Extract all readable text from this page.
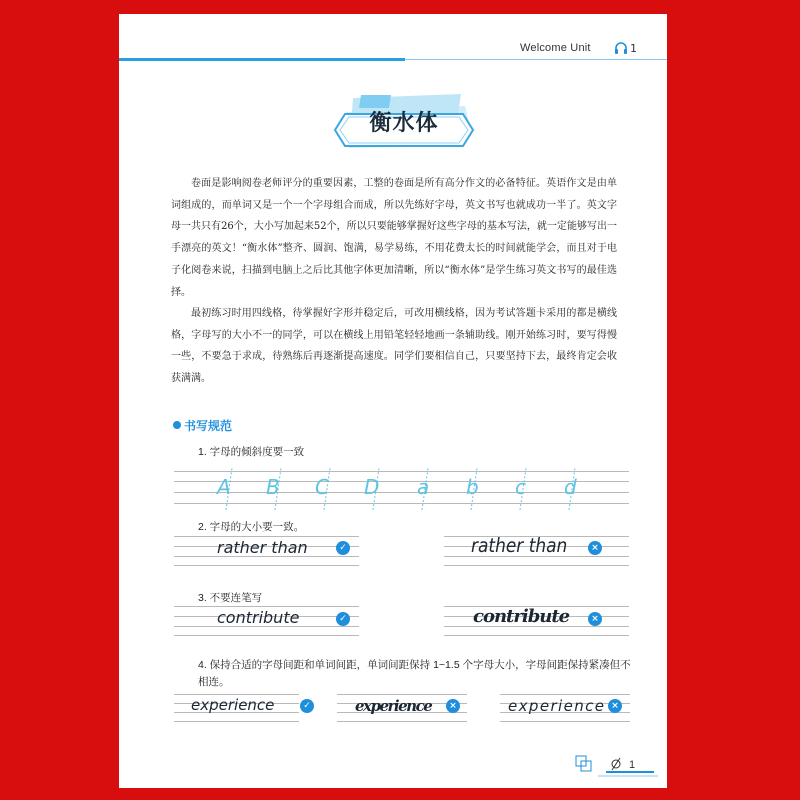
Welcome Unit	1
衡水体

卷面是影响阅卷老师评分的重要因素，工整的卷面是所有高分作文的必备特征。英语作文是由单词组成的，而单词又是一个一个字母组合而成，所以先练好字母，英文书写也就成功一半了。英文字母一共只有26个，大小写加起来52个，所以只要能够掌握好这些字母的基本写法，就一定能够写出一手漂亮的英文！“衡水体”整齐、圆润、饱满，易学易练，不用花费太长的时间就能学会，而且对于电子化阅卷来说，扫描到电脑上之后比其他字体更加清晰，所以“衡水体”是学生练习英文书写的最佳选择。

最初练习时用四线格，待掌握好字形并稳定后，可改用横线格，因为考试答题卡采用的都是横线格，字母写的大小不一的同学，可以在横线上用铅笔轻轻地画一条辅助线。刚开始练习时，要写得慢一些，不要急于求成，待熟练后再逐渐提高速度。同学们要相信自己，只要坚持下去，最终肯定会收获满满。

书写规范
1. 字母的倾斜度要一致
A B C D a b c d
2. 字母的大小要一致。
rather than	✓	rather than	×
3. 不要连笔写
contribute	✓	contribute	×
4. 保持合适的字母间距和单词间距，单词间距保持 1~1.5 个字母大小，字母间距保持紧凑但不相连。
experience	✓	experience	×	experience ×
1
